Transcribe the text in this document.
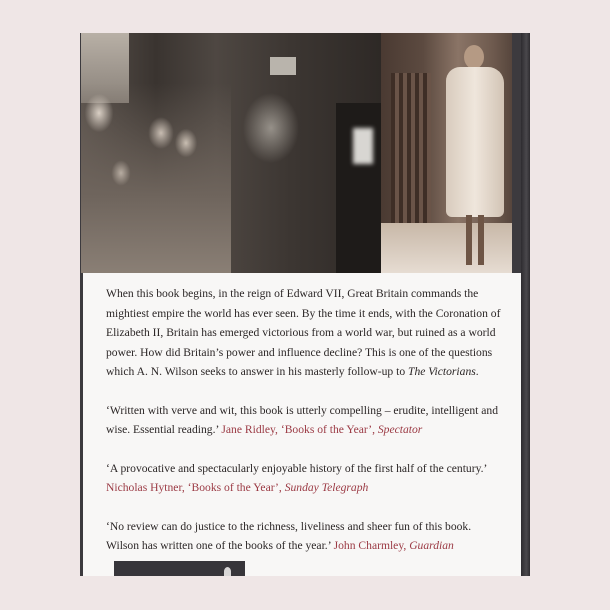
When this book begins, in the reign of Edward VII, Great Britain commands the mightiest empire the world has ever seen. By the time it ends, with the Coronation of Elizabeth II, Britain has emerged victorious from a world war, but ruined as a world power. How did Britain’s power and influence decline? This is one of the questions which A. N. Wilson seeks to answer in his masterly follow-up to The Victorians.

‘Written with verve and wit, this book is utterly compelling – erudite, intelligent and wise. Essential reading.’ Jane Ridley, ‘Books of the Year’, Spectator

‘A provocative and spectacularly enjoyable history of the first half of the century.’ Nicholas Hytner, ‘Books of the Year’, Sunday Telegraph

‘No review can do justice to the richness, liveliness and sheer fun of this book. Wilson has written one of the books of the year.’ John Charmley, Guardian
